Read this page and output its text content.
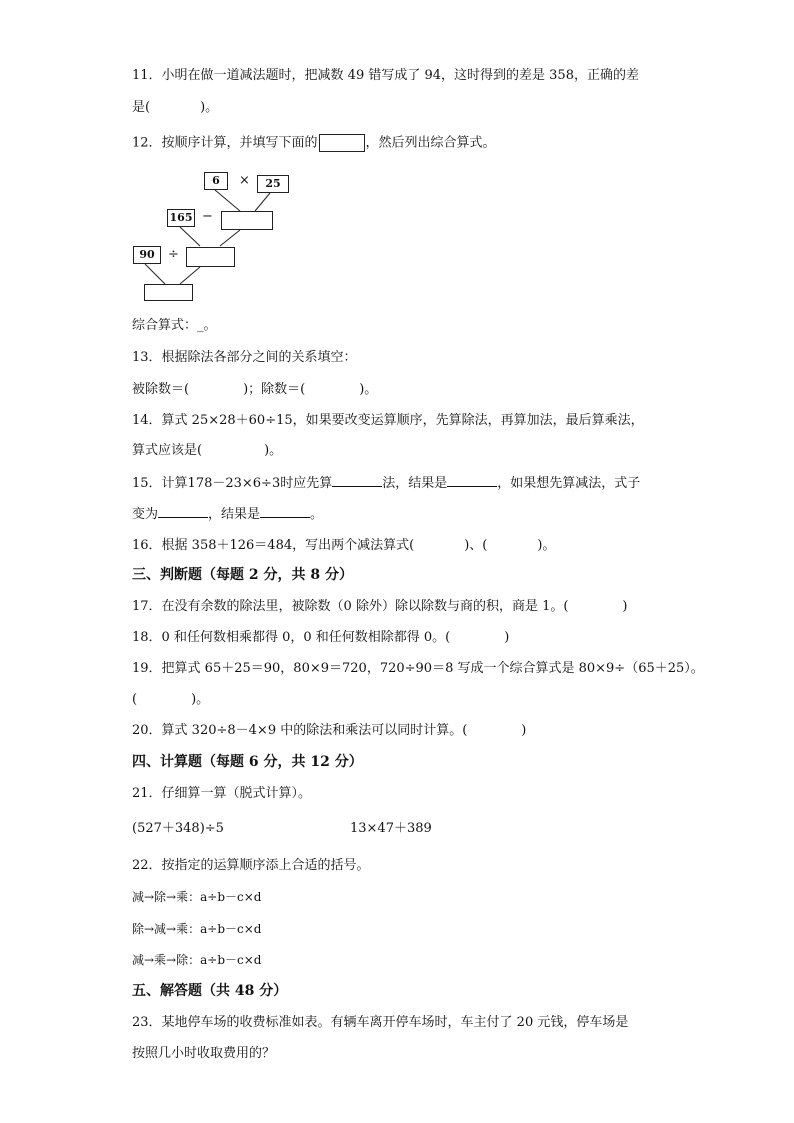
11．小明在做一道减法题时，把减数 49 错写成了 94，这时得到的差是 358，正确的差
是(	)。
12．按顺序计算，并填写下面的	，然后列出综合算式。
6	×	25
165 −
90	÷
综合算式：_。
13．根据除法各部分之间的关系填空：
被除数＝(	)；除数＝(	)。
14．算式 25×28＋60÷15，如果要改变运算顺序，先算除法，再算加法，最后算乘法，
算式应该是(	)。
15．计算178－23×6÷3时应先算	法，结果是	，如果想先算减法，式子
变为	，结果是	。
16．根据 358＋126＝484，写出两个减法算式(	)、(	)。
三、判断题（每题 2 分，共 8 分）
17．在没有余数的除法里，被除数（0 除外）除以除数与商的积，商是 1。(	)
18．0 和任何数相乘都得 0，0 和任何数相除都得 0。(	)
19．把算式 65＋25＝90，80×9＝720，720÷90＝8 写成一个综合算式是 80×9÷（65＋25）。
(	)。
20．算式 320÷8－4×9 中的除法和乘法可以同时计算。(	)
四、计算题（每题 6 分，共 12 分）
21．仔细算一算（脱式计算）。
(527＋348)÷5	13×47＋389
22．按指定的运算顺序添上合适的括号。
减→除→乘：a÷b－c×d
除→减→乘：a÷b－c×d
减→乘→除：a÷b－c×d
五、解答题（共 48 分）
23．某地停车场的收费标准如表。有辆车离开停车场时，车主付了 20 元钱，停车场是
按照几小时收取费用的？
